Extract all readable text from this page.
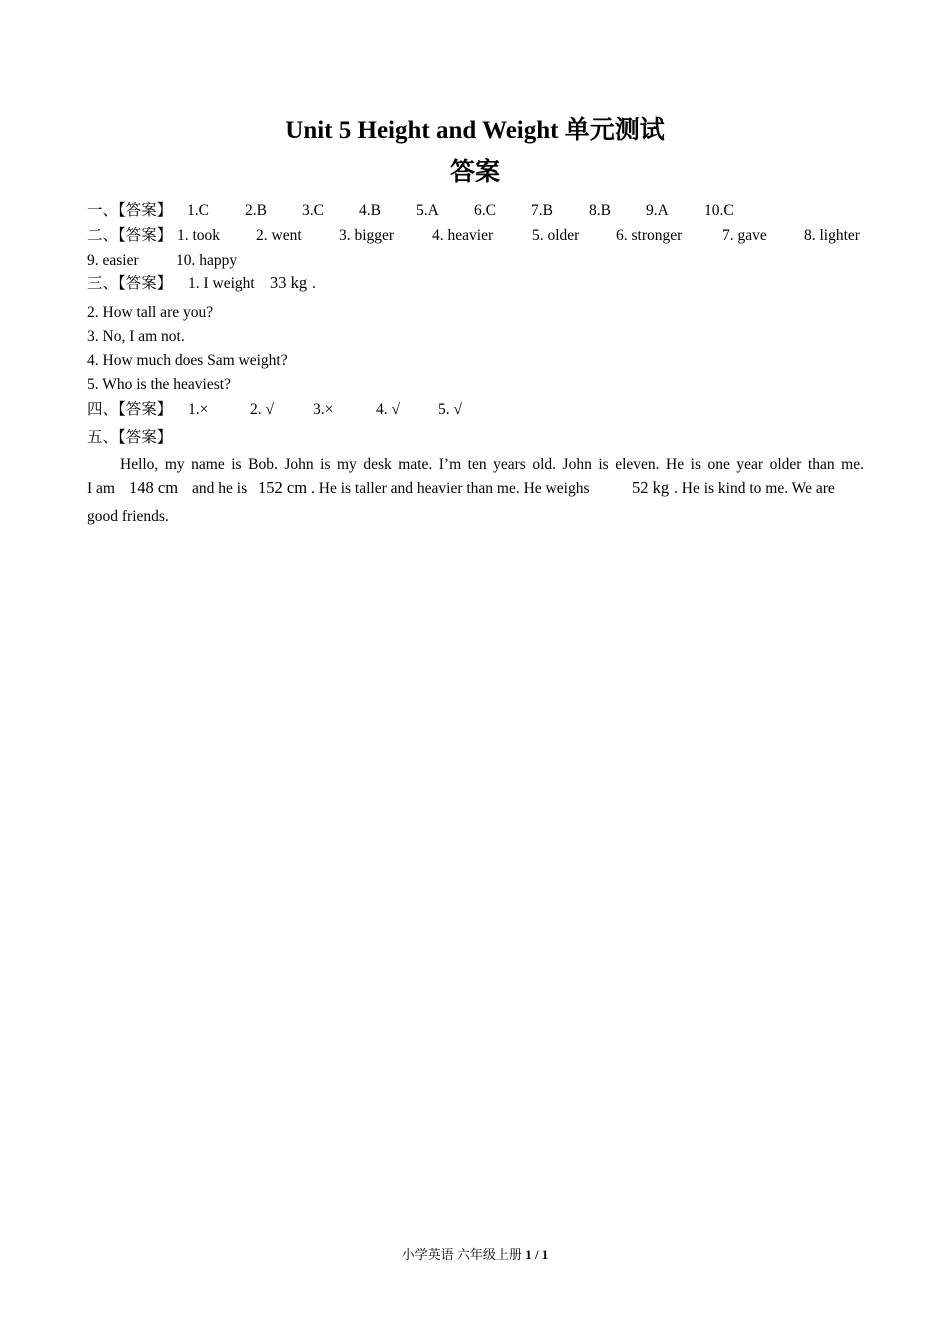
Unit 5 Height and Weight 单元测试
答案
一、【答案】 1.C 2.B 3.C 4.B 5.A 6.C 7.B 8.B 9.A 10.C
二、【答案】 1. took 2. went 3. bigger 4. heavier	5. older 6. stronger	7. gave 8. lighter
9. easier 10. happy
三、【答案】 1. I weight 33 kg .
2. How tall are you?
3. No, I am not.
4. How much does Sam weight?
5. Who is the heaviest?
四、【答案】 1.×	2. √	3.×	4. √ 5. √
五、【答案】
Hello, my name is Bob. John is my desk mate. I’m ten years old. John is eleven. He is one year older than me.
I am 148 cm and he is 152 cm . He is taller and heavier than me. He weighs	52 kg . He is kind to me. We are
good friends.
小学英语 六年级上册 1 / 1
